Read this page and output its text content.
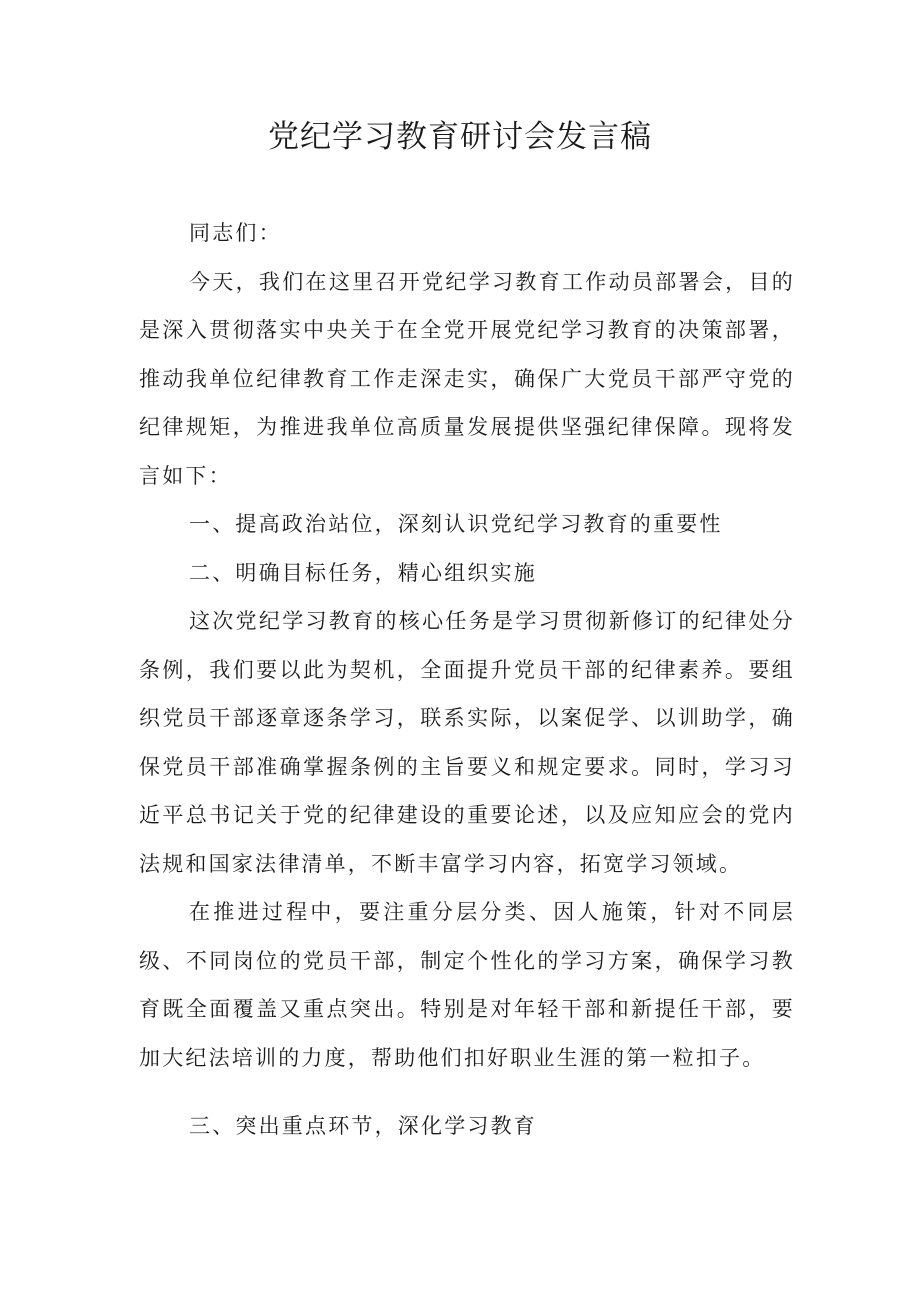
党纪学习教育研讨会发言稿

同志们：

今天，我们在这里召开党纪学习教育工作动员部署会，目的是深入贯彻落实中央关于在全党开展党纪学习教育的决策部署，推动我单位纪律教育工作走深走实，确保广大党员干部严守党的纪律规矩，为推进我单位高质量发展提供坚强纪律保障。现将发言如下：

一、提高政治站位，深刻认识党纪学习教育的重要性

二、明确目标任务，精心组织实施

这次党纪学习教育的核心任务是学习贯彻新修订的纪律处分条例，我们要以此为契机，全面提升党员干部的纪律素养。要组织党员干部逐章逐条学习，联系实际，以案促学、以训助学，确保党员干部准确掌握条例的主旨要义和规定要求。同时，学习习近平总书记关于党的纪律建设的重要论述，以及应知应会的党内法规和国家法律清单，不断丰富学习内容，拓宽学习领域。

在推进过程中，要注重分层分类、因人施策，针对不同层级、不同岗位的党员干部，制定个性化的学习方案，确保学习教育既全面覆盖又重点突出。特别是对年轻干部和新提任干部，要加大纪法培训的力度，帮助他们扣好职业生涯的第一粒扣子。

三、突出重点环节，深化学习教育
